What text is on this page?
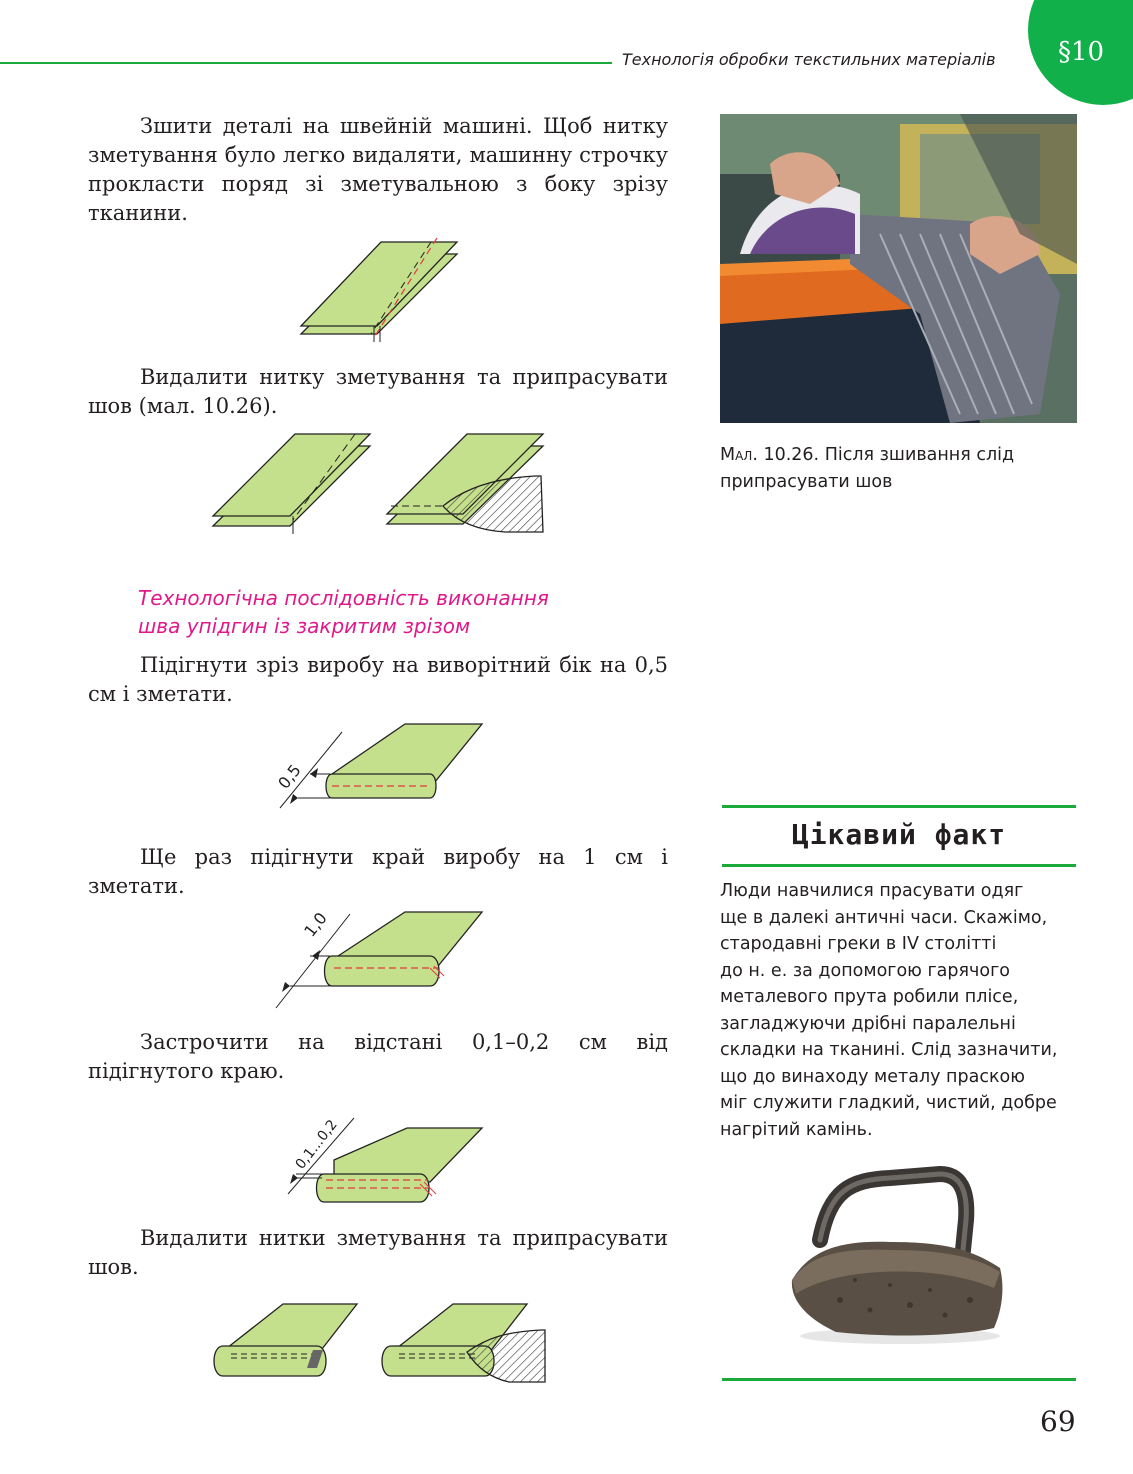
Технологія обробки текстильних матеріалів	§10

Зшити деталі на швейній машині. Щоб нитку зметування було легко видаляти, машинну строчку прокласти поряд зі зметувальною з боку зрізу тканини.

Видалити нитку зметування та припрасувати шов (мал. 10.26).

Мал. 10.26. Після зшивання слід припрасувати шов

Технологічна послідовність виконання
шва упідгин із закритим зрізом

Підігнути зріз виробу на виворітний бік на 0,5 см і зметати.

0,5

Ще раз підігнути край виробу на 1 см і зметати.

1,0

Застрочити на відстані 0,1–0,2 см від підігнутого краю.

0,1...0,2

Видалити нитки зметування та припрасувати шов.

Цікавий факт
Люди навчилися прасувати одяг
ще в далекі античні часи. Скажімо,
стародавні греки в IV столітті
до н. е. за допомогою гарячого
металевого прута робили плісе,
загладжуючи дрібні паралельні
складки на тканині. Слід зазначити,
що до винаходу металу праскою
міг служити гладкий, чистий, добре
нагрітий камінь.
69
